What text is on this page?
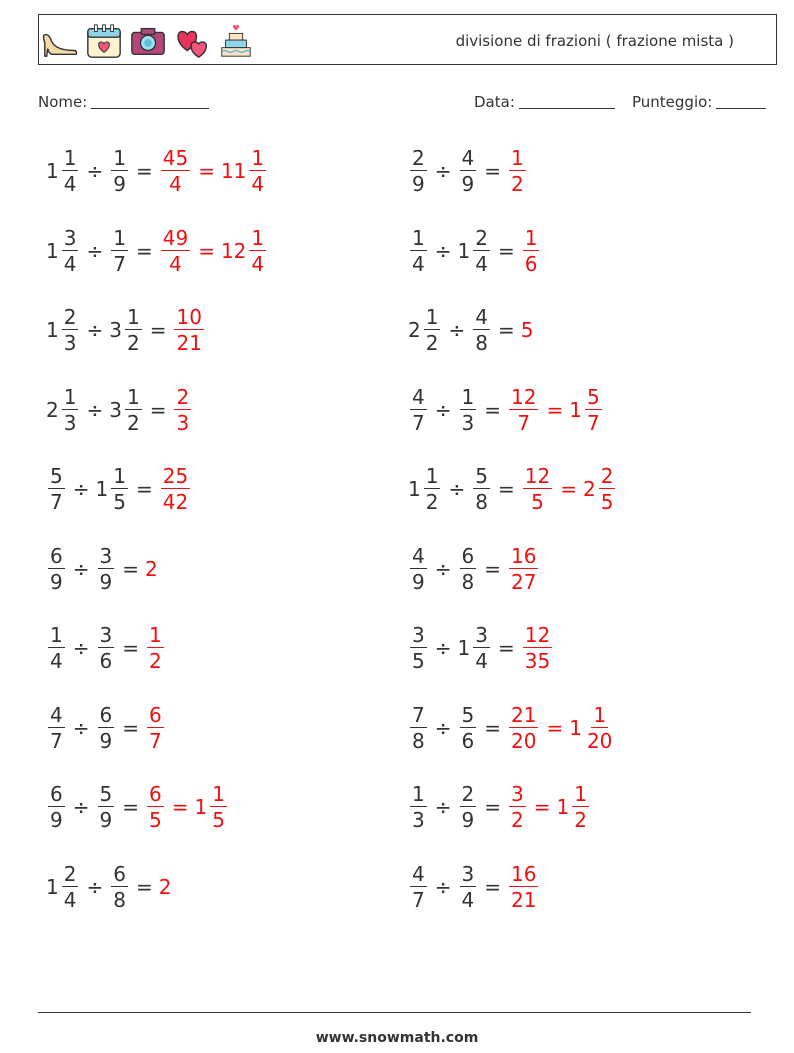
divisione di frazioni ( frazione mista )
Nome:	Data:	Punteggio:
$1 \frac{1}{4} \div \frac{1}{9} = \frac{45}{4} = 11 \frac{1}{4}$	$\frac{2}{9} \div \frac{4}{9} = \frac{1}{2}$
$1 \frac{3}{4} \div \frac{1}{7} = \frac{49}{4} = 12 \frac{1}{4}$	$\frac{1}{4} \div 1 \frac{2}{4} = \frac{1}{6}$
$1 \frac{2}{3} \div 3 \frac{1}{2} = \frac{10}{21}$	$2 \frac{1}{2} \div \frac{4}{8} = 5$
$2 \frac{1}{3} \div 3 \frac{1}{2} = \frac{2}{3}$	$\frac{4}{7} \div \frac{1}{3} = \frac{12}{7} = 1 \frac{5}{7}$
$\frac{5}{7} \div 1 \frac{1}{5} = \frac{25}{42}$	$1 \frac{1}{2} \div \frac{5}{8} = \frac{12}{5} = 2 \frac{2}{5}$
$\frac{6}{9} \div \frac{3}{9} = 2$	$\frac{4}{9} \div \frac{6}{8} = \frac{16}{27}$
$\frac{1}{4} \div \frac{3}{6} = \frac{1}{2}$	$\frac{3}{5} \div 1 \frac{3}{4} = \frac{12}{35}$
$\frac{4}{7} \div \frac{6}{9} = \frac{6}{7}$	$\frac{7}{8} \div \frac{5}{6} = \frac{21}{20} = 1 \frac{1}{20}$
$\frac{6}{9} \div \frac{5}{9} = \frac{6}{5} = 1 \frac{1}{5}$	$\frac{1}{3} \div \frac{2}{9} = \frac{3}{2} = 1 \frac{1}{2}$
$1 \frac{2}{4} \div \frac{6}{8} = 2$	$\frac{4}{7} \div \frac{3}{4} = \frac{16}{21}$
www.snowmath.com
